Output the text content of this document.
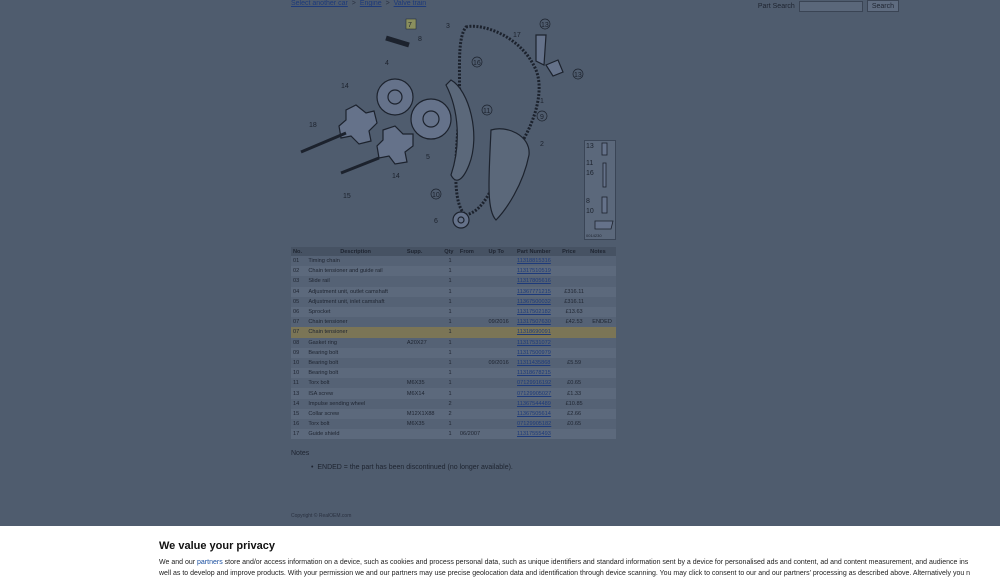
Select another car > Engine > Valve train	Part Search	Search
7	3	13
8
17
16
4
14
11
1
9
18
2
5
14
15	10
6
13
13
11
16
8
10
0014230
No.	Description	Supp.	Qty	From	Up To	Part Number	Price	Notes
01	Timing chain		1			11318815316		
02	Chain tensioner and guide rail		1			11317510519		
03	Slide rail		1			11317805616		
04	Adjustment unit, outlet camshaft		1			11367771215	£316.11	
05	Adjustment unit, inlet camshaft		1			11367500032	£316.11	
06	Sprocket		1			11317502182	£13.63	
07	Chain tensioner		1		09/2016	11317507630	£42.53	ENDED
07	Chain tensioner		1			11318690091		
08	Gasket ring	A20X27	1			11317531072		
09	Bearing bolt		1			11317500979		
10	Bearing bolt		1		09/2016	11311435868	£5.59	
10	Bearing bolt		1			11318678215		
11	Torx bolt	M6X35	1			07129916192	£0.65	
13	ISA screw	M6X14	1			07129905027	£1.33	
14	Impulse sending wheel		2			11367544489	£10.85	
15	Collar screw	M12X1X88	2			11367505614	£2.66	
16	Torx bolt	M6X35	1			07129905182	£0.65	
17	Guide shield		1	06/2007		11317555493		
Notes
•  ENDED = the part has been discontinued (no longer available).
Copyright © RealOEM.com
We value your privacy
We and our partners store and/or access information on a device, such as cookies and process personal data, such as unique identifiers and standard information sent by a device for personalised ads and content, ad and content measurement, and audience ins
well as to develop and improve products. With your permission we and our partners may use precise geolocation data and identification through device scanning. You may click to consent to our and our partners' processing as described above. Alternatively you n
